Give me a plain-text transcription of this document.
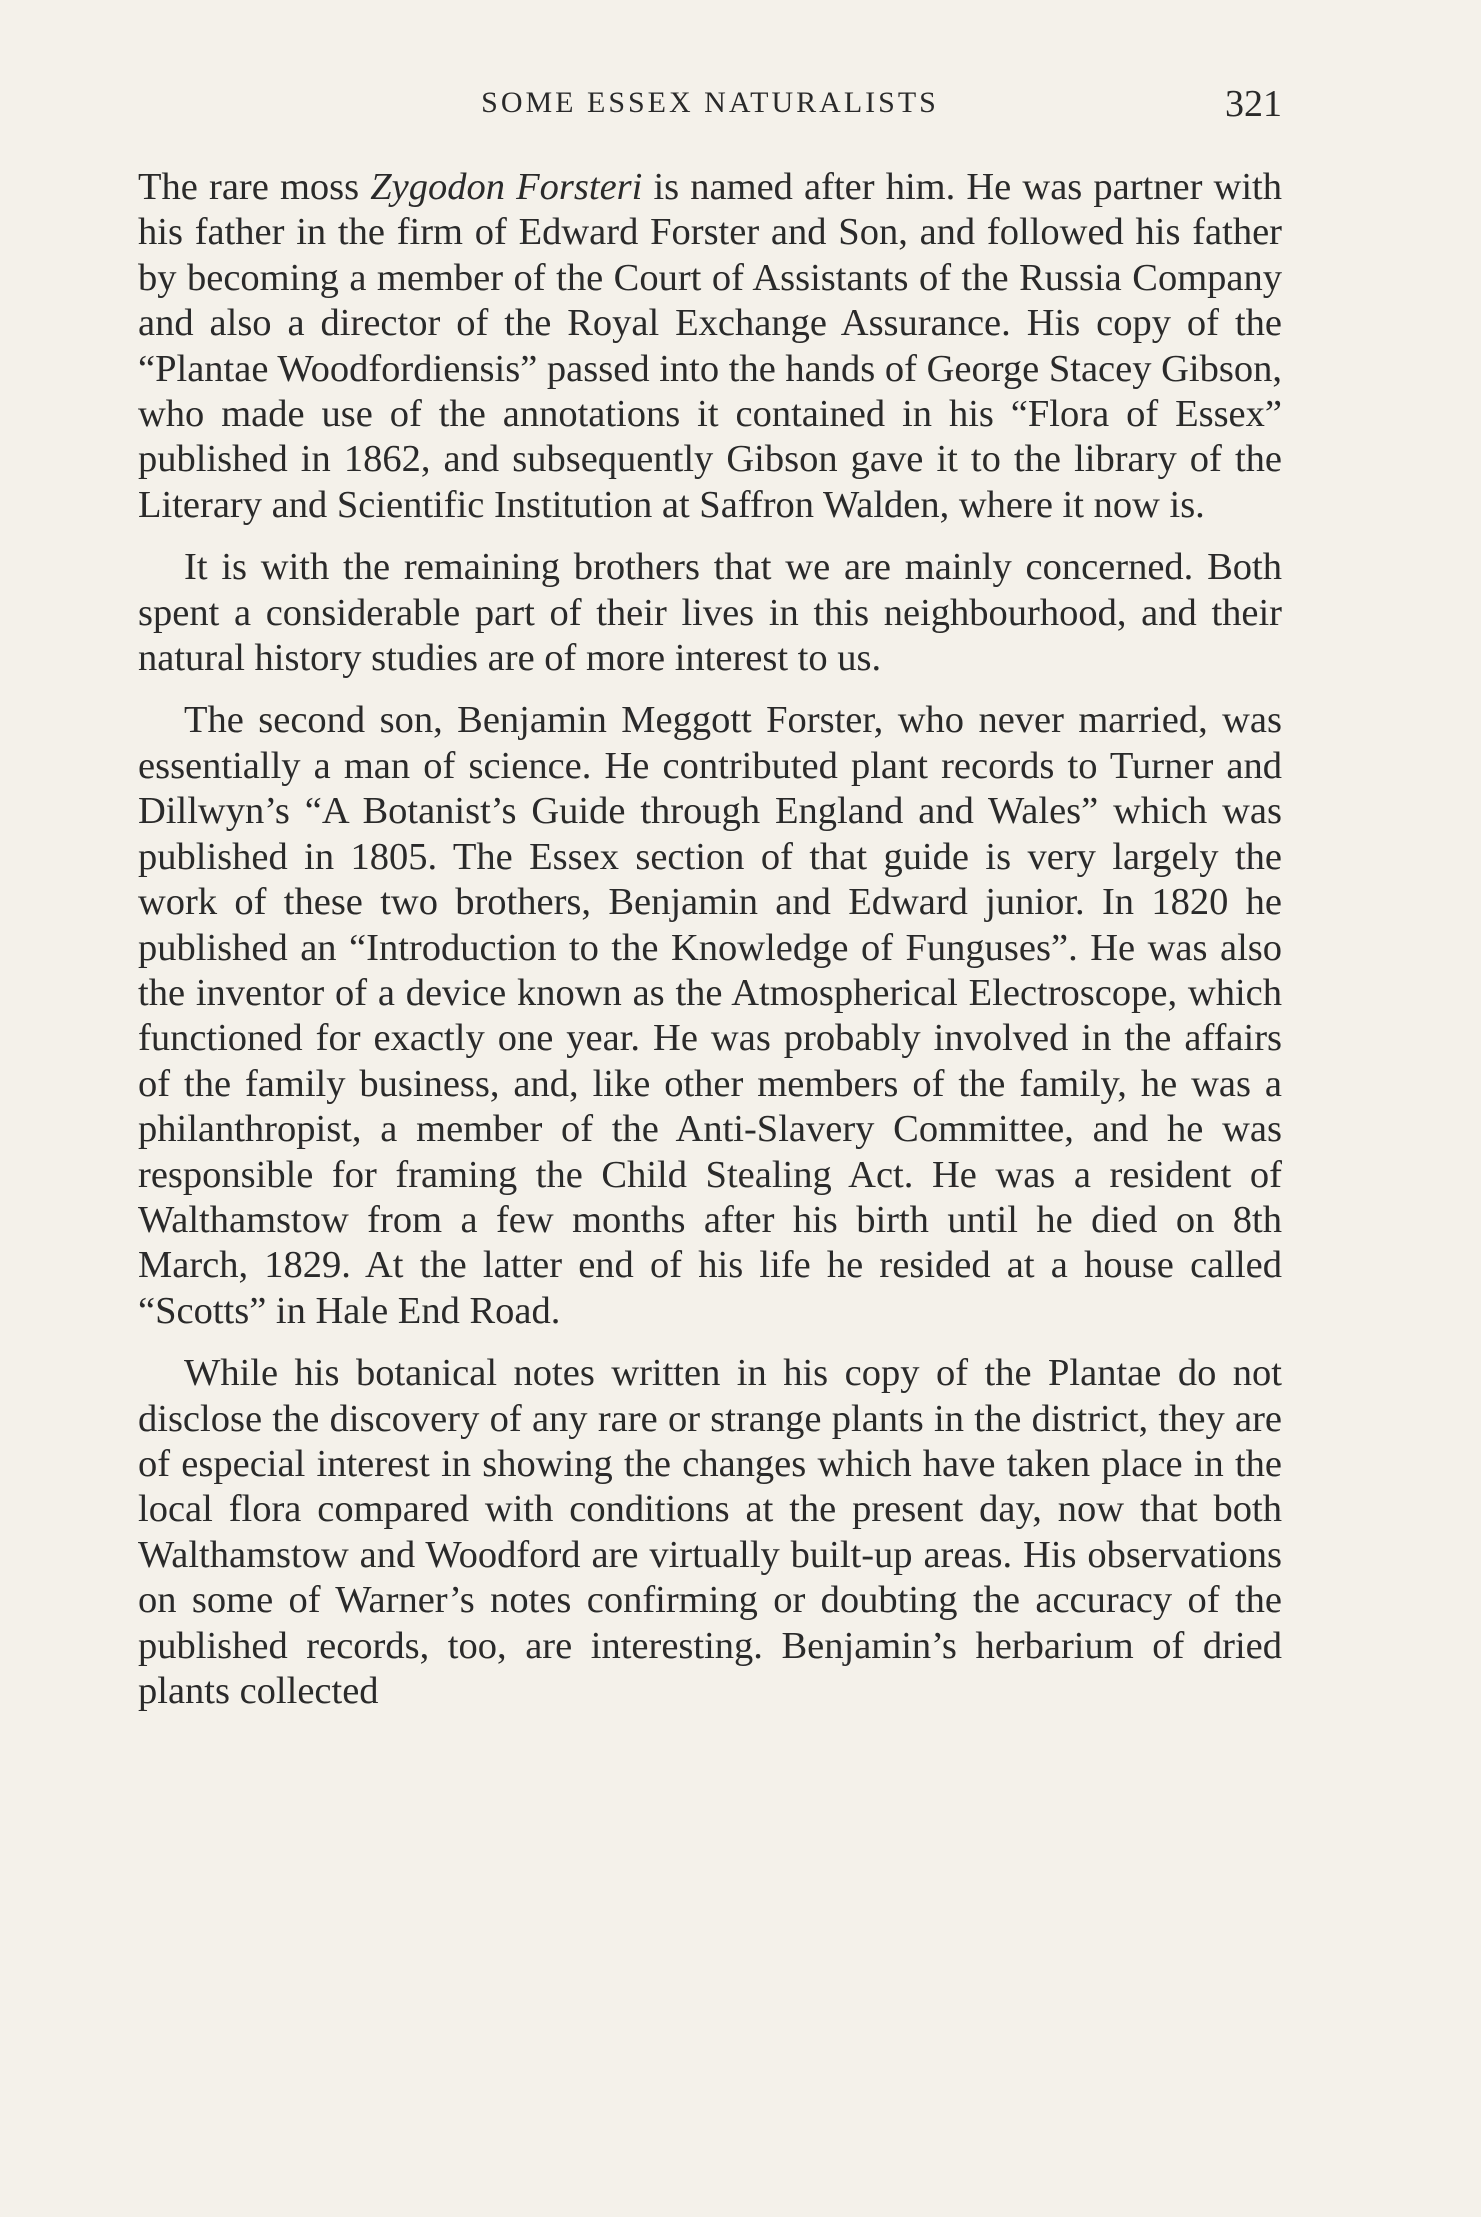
SOME ESSEX NATURALISTS	321

The rare moss Zygodon Forsteri is named after him. He was partner with his father in the firm of Edward Forster and Son, and followed his father by becoming a member of the Court of Assistants of the Russia Company and also a director of the Royal Exchange Assurance. His copy of the “Plantae Woodfordiensis” passed into the hands of George Stacey Gibson, who made use of the annotations it contained in his “Flora of Essex” published in 1862, and subsequently Gibson gave it to the library of the Literary and Scientific Institution at Saffron Walden, where it now is.

It is with the remaining brothers that we are mainly concerned. Both spent a considerable part of their lives in this neighbourhood, and their natural history studies are of more interest to us.

The second son, Benjamin Meggott Forster, who never married, was essentially a man of science. He contributed plant records to Turner and Dillwyn’s “A Botanist’s Guide through England and Wales” which was published in 1805. The Essex section of that guide is very largely the work of these two brothers, Benjamin and Edward junior. In 1820 he published an “Introduction to the Knowledge of Funguses”. He was also the inventor of a device known as the Atmospherical Electroscope, which functioned for exactly one year. He was probably involved in the affairs of the family business, and, like other members of the family, he was a philanthropist, a member of the Anti-Slavery Committee, and he was responsible for framing the Child Stealing Act. He was a resident of Walthamstow from a few months after his birth until he died on 8th March, 1829. At the latter end of his life he resided at a house called “Scotts” in Hale End Road.

While his botanical notes written in his copy of the Plantae do not disclose the discovery of any rare or strange plants in the district, they are of especial interest in showing the changes which have taken place in the local flora compared with conditions at the present day, now that both Walthamstow and Woodford are virtually built-up areas. His observations on some of Warner’s notes confirming or doubting the accuracy of the published records, too, are interesting. Benjamin’s herbarium of dried plants collected
